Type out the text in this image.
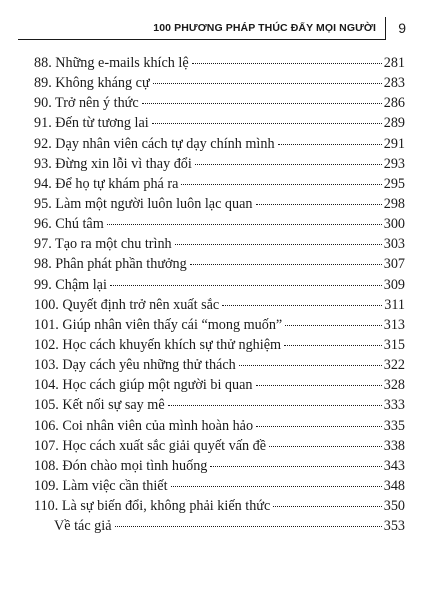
100 PHƯƠNG PHÁP THÚC ĐẨY MỌI NGƯỜI 9
88. Những e-mails khích lệ	281
89. Không kháng cự	283
90. Trở nên ý thức	286
91. Đến từ tương lai	289
92. Dạy nhân viên cách tự dạy chính mình	291
93. Đừng xin lỗi vì thay đổi	293
94. Để họ tự khám phá ra	295
95. Làm một người luôn luôn lạc quan	298
96. Chú tâm	300
97. Tạo ra một chu trình	303
98. Phân phát phần thưởng	307
99. Chậm lại	309
100. Quyết định trở nên xuất sắc	311
101. Giúp nhân viên thấy cái “mong muốn”	313
102. Học cách khuyến khích sự thử nghiệm	315
103. Dạy cách yêu những thử thách	322
104. Học cách giúp một người bi quan	328
105. Kết nối sự say mê	333
106. Coi nhân viên của mình hoàn hảo	335
107. Học cách xuất sắc giải quyết vấn đề	338
108. Đón chào mọi tình huống	343
109. Làm việc cần thiết	348
110. Là sự biến đổi, không phải kiến thức	350
Về tác giả	353
